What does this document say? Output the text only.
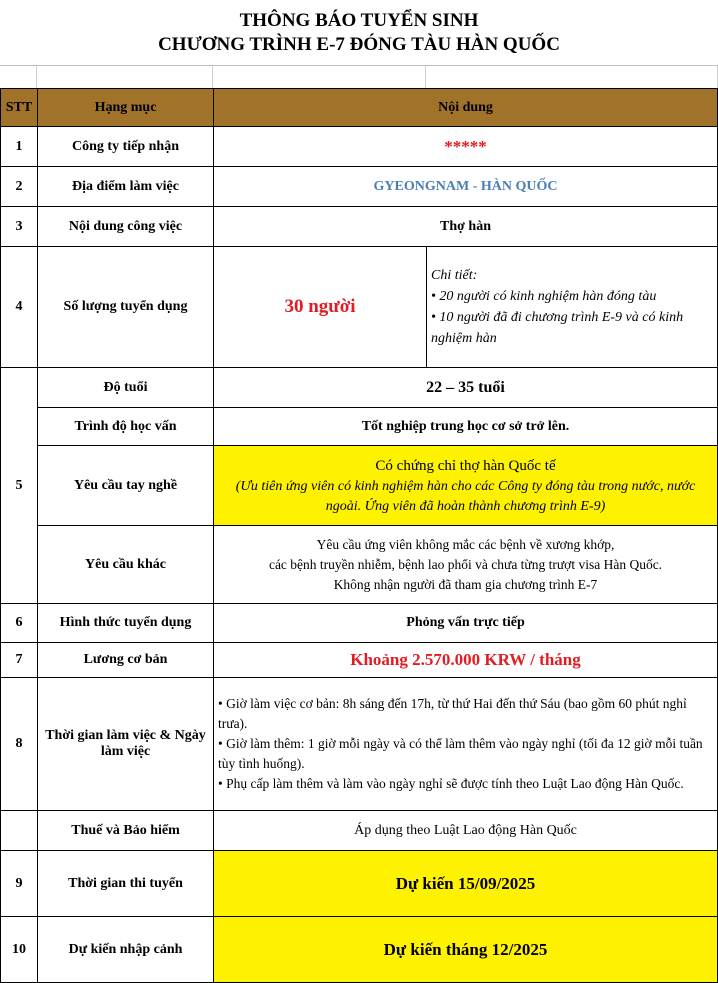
THÔNG BÁO TUYỂN SINH
CHƯƠNG TRÌNH E-7 ĐÓNG TÀU HÀN QUỐC
STT	Hạng mục	Nội dung	
1	Công ty tiếp nhận	*****	
2	Địa điểm làm việc	GYEONGNAM - HÀN QUỐC	
3	Nội dung công việc	Thợ hàn	
4	Số lượng tuyển dụng	30 người	Chi tiết:
• 20 người có kinh nghiệm hàn đóng tàu
• 10 người đã đi chương trình E-9 và có kinh nghiệm hàn

5	Độ tuổi	22 – 35 tuổi	
	Trình độ học vấn	Tốt nghiệp trung học cơ sở trở lên.	
	Yêu cầu tay nghề	Có chứng chỉ thợ hàn Quốc tế
(Ưu tiên ứng viên có kinh nghiệm hàn cho các Công ty đóng tàu trong nước, nước ngoài. Ứng viên đã hoàn thành chương trình E-9)	

	Yêu cầu khác	Yêu cầu ứng viên không mắc các bệnh về xương khớp,
các bệnh truyền nhiễm, bệnh lao phổi và chưa từng trượt visa Hàn Quốc.
Không nhận người đã tham gia chương trình E-7	

6	Hình thức tuyển dụng	Phỏng vấn trực tiếp	
7	Lương cơ bản	Khoảng 2.570.000 KRW / tháng	
8	Thời gian làm việc & Ngày làm việc	• Giờ làm việc cơ bản: 8h sáng đến 17h, từ thứ Hai đến thứ Sáu (bao gồm 60 phút nghỉ trưa).
• Giờ làm thêm: 1 giờ mỗi ngày và có thể làm thêm vào ngày nghỉ (tối đa 12 giờ mỗi tuần tùy tình huống).
• Phụ cấp làm thêm và làm vào ngày nghỉ sẽ được tính theo Luật Lao động Hàn Quốc.	

	Thuế và Bảo hiểm	Áp dụng theo Luật Lao động Hàn Quốc	
9	Thời gian thi tuyển	Dự kiến 15/09/2025	
10	Dự kiến nhập cảnh	Dự kiến tháng 12/2025	
